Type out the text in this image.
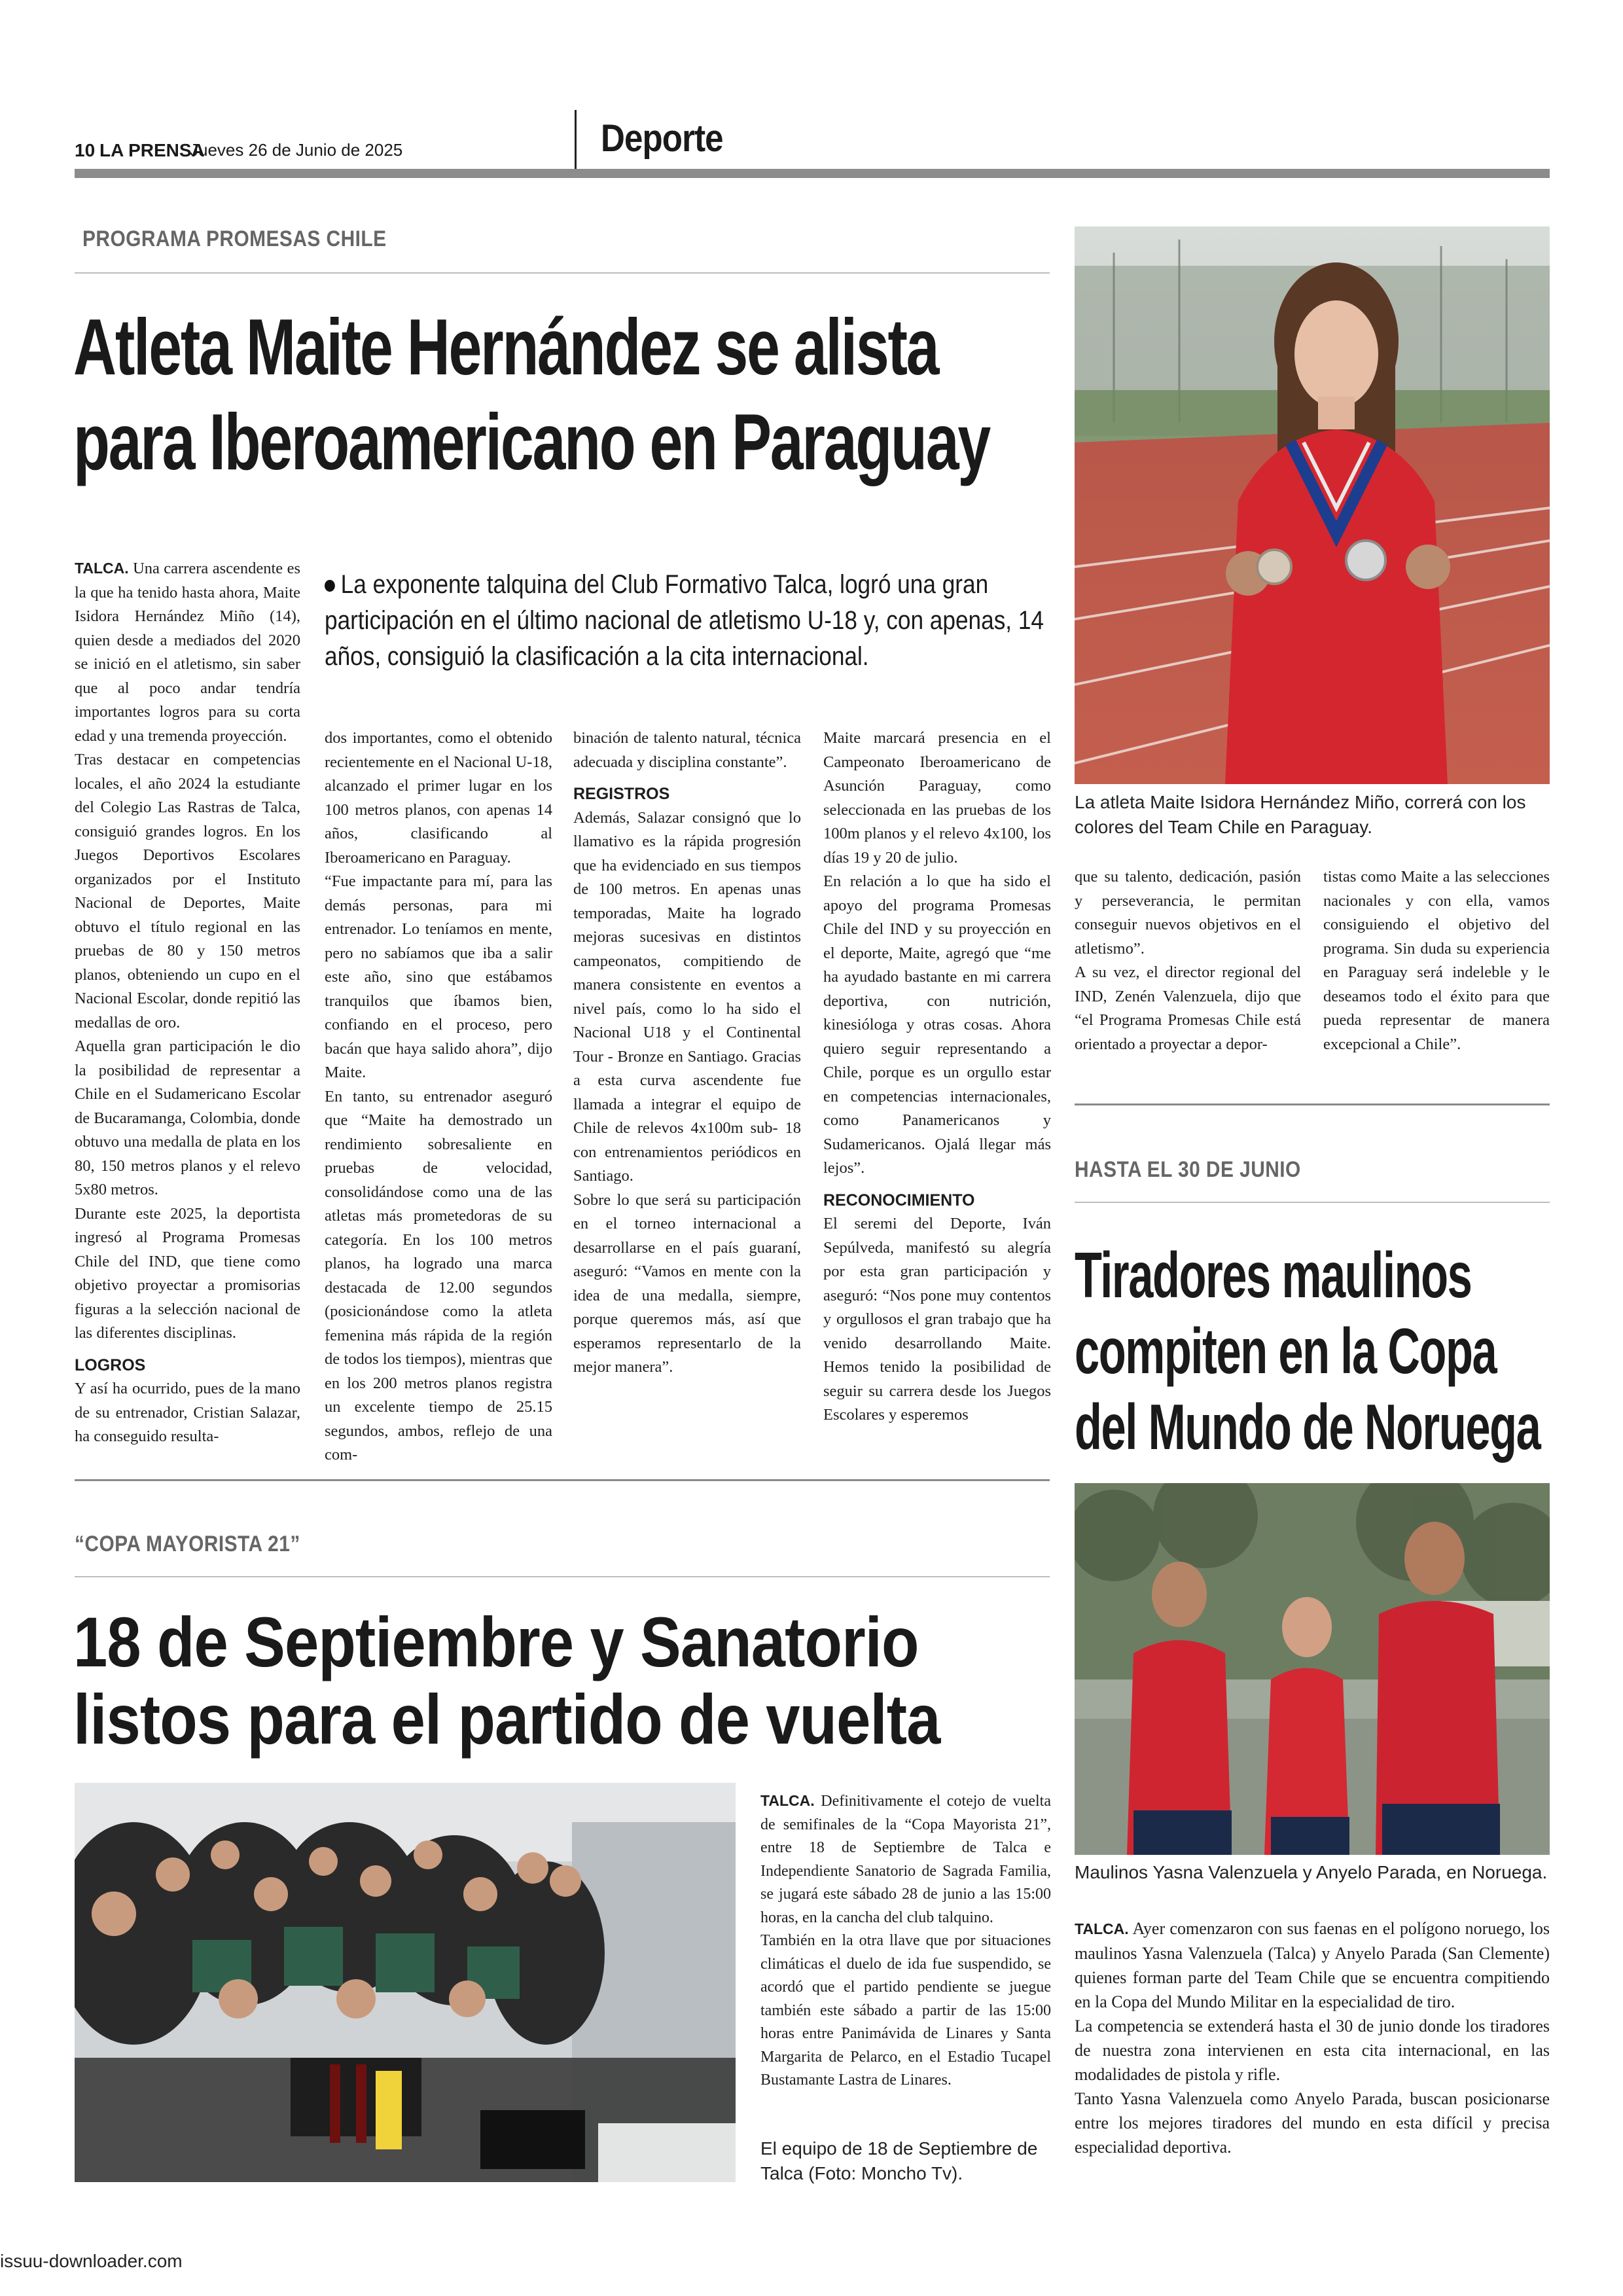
10 LA PRENSA
Jueves 26 de Junio de 2025	Deporte
PROGRAMA PROMESAS CHILE
Atleta Maite Hernández se alista
para Iberoamericano en Paraguay
La exponente talquina del Club Formativo Talca, logró una gran participación en el último nacional de atletismo U-18 y, con apenas, 14 años, consiguió la clasificación a la cita internacional.
La atleta Maite Isidora Hernández Miño, correrá con los colores del Team Chile en Paraguay.

TALCA. Una carrera ascendente es la que ha tenido hasta ahora, Maite Isidora Hernández Miño (14), quien desde a mediados del 2020 se inició en el atletismo, sin saber que al poco andar tendría importantes logros para su corta edad y una tremenda proyección.

Tras destacar en competencias locales, el año 2024 la estudiante del Colegio Las Rastras de Talca, consiguió grandes logros. En los Juegos Deportivos Escolares organizados por el Instituto Nacional de Deportes, Maite obtuvo el título regional en las pruebas de 80 y 150 metros planos, obteniendo un cupo en el Nacional Escolar, donde repitió las medallas de oro.

Aquella gran participación le dio la posibilidad de representar a Chile en el Sudamericano Escolar de Bucaramanga, Colombia, donde obtuvo una medalla de plata en los 80, 150 metros planos y el relevo 5x80 metros.

Durante este 2025, la deportista ingresó al Programa Promesas Chile del IND, que tiene como objetivo proyectar a promisorias figuras a la selección nacional de las diferentes disciplinas.

LOGROS

Y así ha ocurrido, pues de la mano de su entrenador, Cristian Salazar, ha conseguido resulta-

dos importantes, como el obtenido recientemente en el Nacional U-18, alcanzado el primer lugar en los 100 metros planos, con apenas 14 años, clasificando al Iberoamericano en Paraguay.

“Fue impactante para mí, para las demás personas, para mi entrenador. Lo teníamos en mente, pero no sabíamos que iba a salir este año, sino que estábamos tranquilos que íbamos bien, confiando en el proceso, pero bacán que haya salido ahora”, dijo Maite.

En tanto, su entrenador aseguró que “Maite ha demostrado un rendimiento sobresaliente en pruebas de velocidad, consolidándose como una de las atletas más prometedoras de su categoría. En los 100 metros planos, ha logrado una marca destacada de 12.00 segundos (posicionándose como la atleta femenina más rápida de la región de todos los tiempos), mientras que en los 200 metros planos registra un excelente tiempo de 25.15 segundos, ambos, reflejo de una com-

binación de talento natural, técnica adecuada y disciplina constante”.

REGISTROS

Además, Salazar consignó que lo llamativo es la rápida progresión que ha evidenciado en sus tiempos de 100 metros. En apenas unas temporadas, Maite ha logrado mejoras sucesivas en distintos campeonatos, compitiendo de manera consistente en eventos a nivel país, como lo ha sido el Nacional U18 y el Continental Tour - Bronze en Santiago. Gracias a esta curva ascendente fue llamada a integrar el equipo de Chile de relevos 4x100m sub- 18 con entrenamientos periódicos en Santiago.

Sobre lo que será su participación en el torneo internacional a desarrollarse en el país guaraní, aseguró: “Vamos en mente con la idea de una medalla, siempre, porque queremos más, así que esperamos representarlo de la mejor manera”.

Maite marcará presencia en el Campeonato Iberoamericano de Asunción Paraguay, como seleccionada en las pruebas de los 100m planos y el relevo 4x100, los días 19 y 20 de julio.

En relación a lo que ha sido el apoyo del programa Promesas Chile del IND y su proyección en el deporte, Maite, agregó que “me ha ayudado bastante en mi carrera deportiva, con nutrición, kinesióloga y otras cosas. Ahora quiero seguir representando a Chile, porque es un orgullo estar en competencias internacionales, como Panamericanos y Sudamericanos. Ojalá llegar más lejos”.

RECONOCIMIENTO

El seremi del Deporte, Iván Sepúlveda, manifestó su alegría por esta gran participación y aseguró: “Nos pone muy contentos y orgullosos el gran trabajo que ha venido desarrollando Maite. Hemos tenido la posibilidad de seguir su carrera desde los Juegos Escolares y esperemos

que su talento, dedicación, pasión y perseverancia, le permitan conseguir nuevos objetivos en el atletismo”.

A su vez, el director regional del IND, Zenén Valenzuela, dijo que “el Programa Promesas Chile está orientado a proyectar a depor-

tistas como Maite a las selecciones nacionales y con ella, vamos consiguiendo el objetivo del programa. Sin duda su experiencia en Paraguay será indeleble y le deseamos todo el éxito para que pueda representar de manera excepcional a Chile”.

HASTA EL 30 DE JUNIO
Tiradores maulinos
compiten en la Copa
del Mundo de Noruega
Maulinos Yasna Valenzuela y Anyelo Parada, en Noruega.

TALCA. Ayer comenzaron con sus faenas en el polígono noruego, los maulinos Yasna Valenzuela (Talca) y Anyelo Parada (San Clemente) quienes forman parte del Team Chile que se encuentra compitiendo en la Copa del Mundo Militar en la especialidad de tiro.

La competencia se extenderá hasta el 30 de junio donde los tiradores de nuestra zona intervienen en esta cita internacional, en las modalidades de pistola y rifle.

Tanto Yasna Valenzuela como Anyelo Parada, buscan posicionarse entre los mejores tiradores del mundo en esta difícil y precisa especialidad deportiva.

“COPA MAYORISTA 21”
18 de Septiembre y Sanatorio
listos para el partido de vuelta

TALCA. Definitivamente el cotejo de vuelta de semifinales de la “Copa Mayorista 21”, entre 18 de Septiembre de Talca e Independiente Sanatorio de Sagrada Familia, se jugará este sábado 28 de junio a las 15:00 horas, en la cancha del club talquino.

También en la otra llave que por situaciones climáticas el duelo de ida fue suspendido, se acordó que el partido pendiente se juegue también este sábado a partir de las 15:00 horas entre Panimávida de Linares y Santa Margarita de Pelarco, en el Estadio Tucapel Bustamante Lastra de Linares.

El equipo de 18 de Septiembre de Talca (Foto: Moncho Tv).
issuu-downloader.com
